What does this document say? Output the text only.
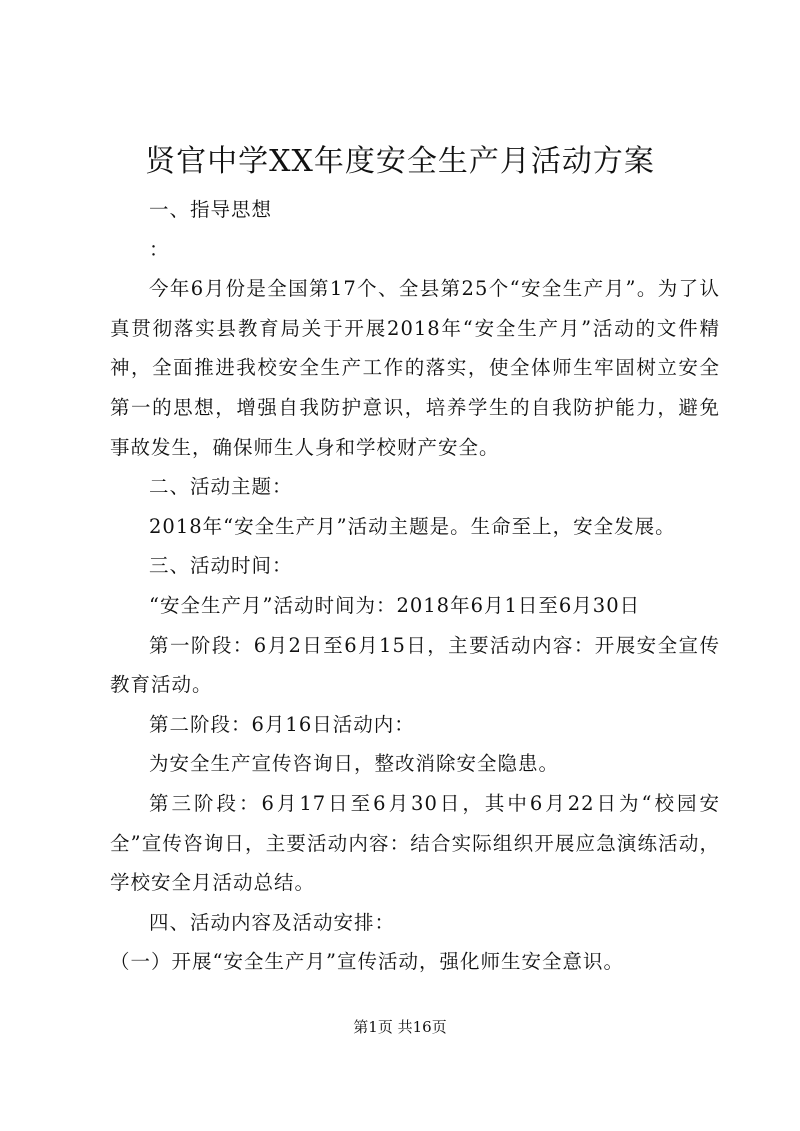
贤官中学XX年度安全生产月活动方案

一、指导思想

：

今年6月份是全国第17个、全县第25个“安全生产月”。为了认真贯彻落实县教育局关于开展2018年“安全生产月”活动的文件精神，全面推进我校安全生产工作的落实，使全体师生牢固树立安全第一的思想，增强自我防护意识，培养学生的自我防护能力，避免事故发生，确保师生人身和学校财产安全。

二、活动主题：

2018年“安全生产月”活动主题是。生命至上，安全发展。

三、活动时间：

“安全生产月”活动时间为：2018年6月1日至6月30日

第一阶段：6月2日至6月15日，主要活动内容：开展安全宣传教育活动。

第二阶段：6月16日活动内：

为安全生产宣传咨询日，整改消除安全隐患。

第三阶段：6月17日至6月30日，其中6月22日为“校园安全”宣传咨询日，主要活动内容：结合实际组织开展应急演练活动，学校安全月活动总结。

四、活动内容及活动安排：

（一）开展“安全生产月”宣传活动，强化师生安全意识。

第1页 共16页
